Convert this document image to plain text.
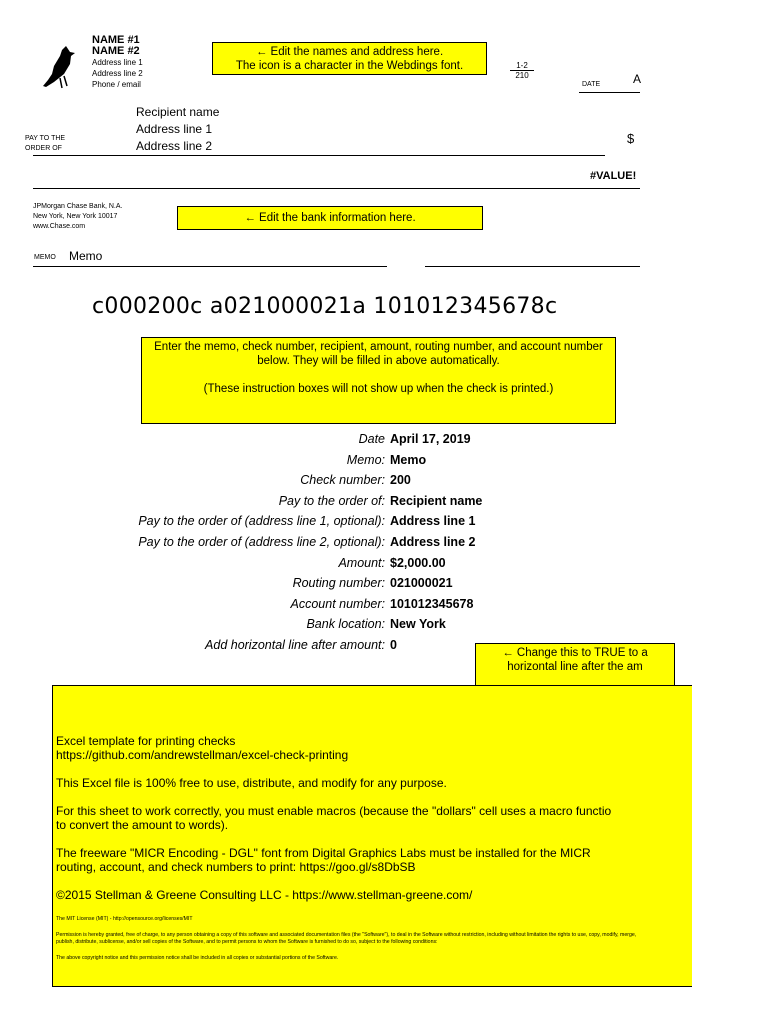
NAME #1
NAME #2
Address line 1
Address line 2
Phone / email
← Edit the names and address here.
The icon is a character in the Webdings font.	1-2
210
DATE	A
PAY TO THE
ORDER OF
Recipient name
Address line 1
Address line 2	$
#VALUE!
JPMorgan Chase Bank, N.A.
New York, New York 10017
www.Chase.com
← Edit the bank information here.
MEMO Memo
c000200c a021000021a 101012345678c

Enter the memo, check number, recipient, amount, routing number, and account number below. They will be filled in above automatically.

(These instruction boxes will not show up when the check is printed.)

Date April 17, 2019
Memo: Memo
Check number: 200
Pay to the order of: Recipient name
Pay to the order of (address line 1, optional): Address line 1
Pay to the order of (address line 2, optional): Address line 2
Amount: $2,000.00
Routing number: 021000021
Account number: 101012345678
Bank location: New York
Add horizontal line after amount: 0
← Change this to TRUE to a
horizontal line after the am

Excel template for printing checks
https://github.com/andrewstellman/excel-check-printing

This Excel file is 100% free to use, distribute, and modify for any purpose.

For this sheet to work correctly, you must enable macros (because the "dollars" cell uses a macro functio
to convert the amount to words).

The freeware "MICR Encoding - DGL" font from Digital Graphics Labs must be installed for the MICR
routing, account, and check numbers to print: https://goo.gl/s8DbSB

©2015 Stellman & Greene Consulting LLC - https://www.stellman-greene.com/

The MIT License (MIT) - http://opensource.org/licenses/MIT

Permission is hereby granted, free of charge, to any person obtaining a copy of this software and associated documentation files (the "Software"), to deal in the Software without restriction, including without limitation the rights to use, copy, modify, merge, publish, distribute, sublicense, and/or sell copies of the Software, and to permit persons to whom the Software is furnished to do so, subject to the following conditions:

The above copyright notice and this permission notice shall be included in all copies or substantial portions of the Software.
